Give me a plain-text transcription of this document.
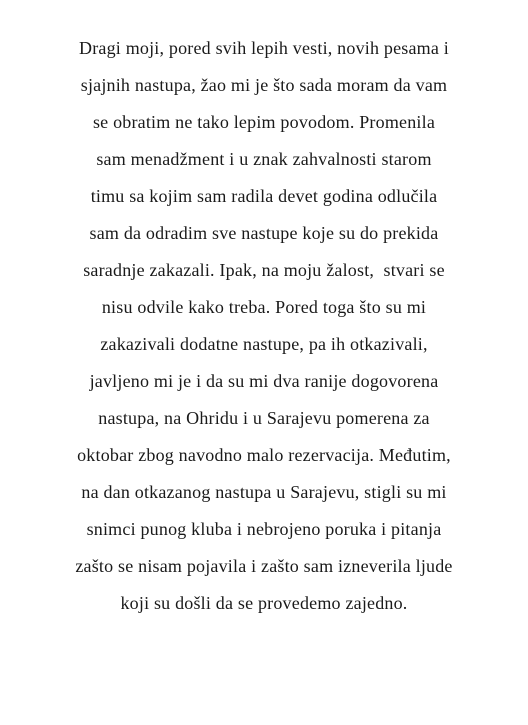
Dragi moji, pored svih lepih vesti, novih pesama i
sjajnih nastupa, žao mi je što sada moram da vam
se obratim ne tako lepim povodom. Promenila
sam menadžment i u znak zahvalnosti starom
timu sa kojim sam radila devet godina odlučila
sam da odradim sve nastupe koje su do prekida
saradnje zakazali. Ipak, na moju žalost,  stvari se
nisu odvile kako treba. Pored toga što su mi
zakazivali dodatne nastupe, pa ih otkazivali,
javljeno mi je i da su mi dva ranije dogovorena
nastupa, na Ohridu i u Sarajevu pomerena za
oktobar zbog navodno malo rezervacija. Međutim,
na dan otkazanog nastupa u Sarajevu, stigli su mi
snimci punog kluba i nebrojeno poruka i pitanja
zašto se nisam pojavila i zašto sam izneverila ljude
koji su došli da se provedemo zajedno.
